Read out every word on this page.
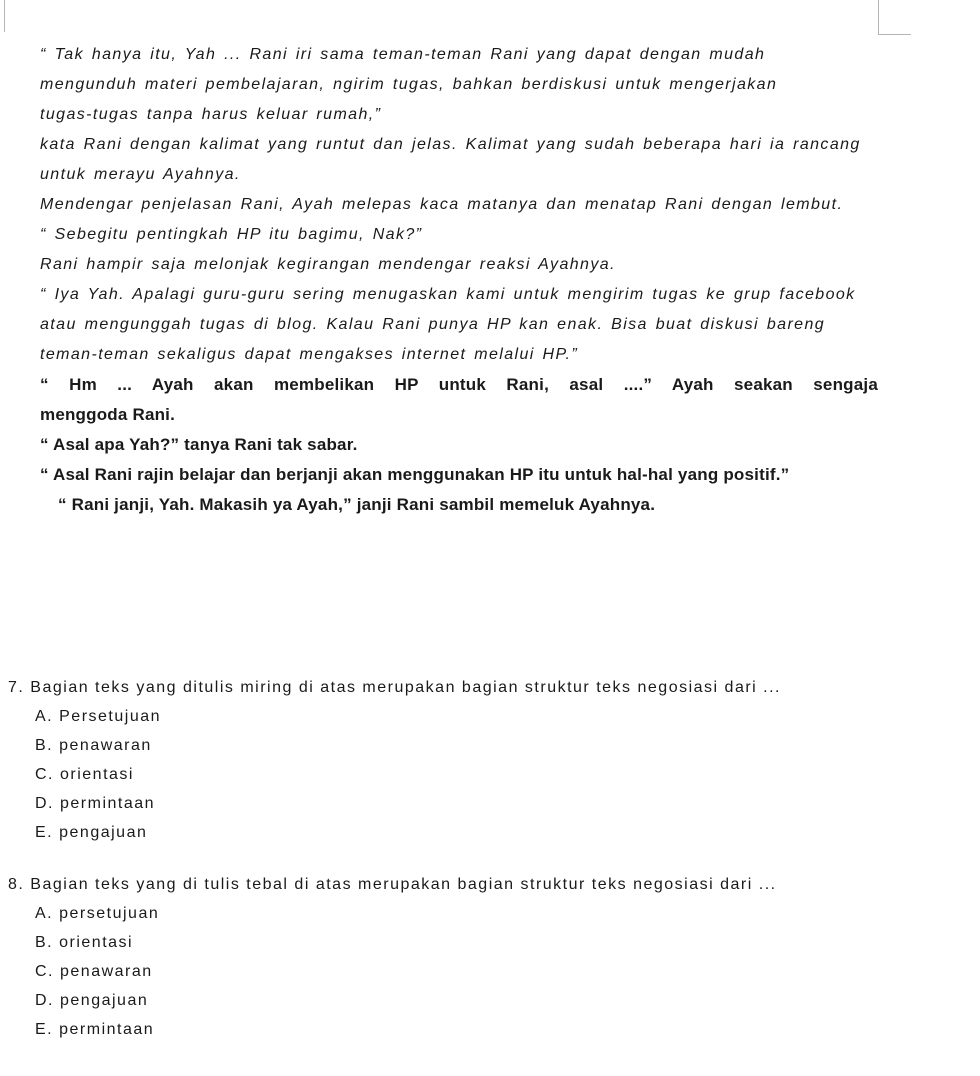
“ Tak hanya itu, Yah ... Rani iri sama teman-teman Rani yang dapat dengan mudah

mengunduh materi pembelajaran, ngirim tugas, bahkan berdiskusi untuk mengerjakan

tugas-tugas tanpa harus keluar rumah,”

kata Rani dengan kalimat yang runtut dan jelas. Kalimat yang sudah beberapa hari ia rancang

untuk merayu Ayahnya.

Mendengar penjelasan Rani, Ayah melepas kaca matanya dan menatap Rani dengan lembut.

“ Sebegitu pentingkah HP itu bagimu, Nak?”

Rani hampir saja melonjak kegirangan mendengar reaksi Ayahnya.

“ Iya Yah. Apalagi guru-guru sering menugaskan kami untuk mengirim tugas ke grup facebook

atau mengunggah tugas di blog. Kalau Rani punya HP kan enak. Bisa buat diskusi bareng

teman-teman sekaligus dapat mengakses internet melalui HP.”

“ Hm ... Ayah akan membelikan HP untuk Rani, asal ....” Ayah seakan sengaja

menggoda Rani.

“ Asal apa Yah?” tanya Rani tak sabar.

“ Asal Rani rajin belajar dan berjanji akan menggunakan HP itu untuk hal-hal yang positif.”

“ Rani janji, Yah. Makasih ya Ayah,” janji Rani sambil memeluk Ayahnya.

7. Bagian teks yang ditulis miring di atas merupakan bagian struktur teks negosiasi dari ...

A. Persetujuan

B. penawaran

C. orientasi

D. permintaan

E. pengajuan

8. Bagian teks yang di tulis tebal di atas merupakan bagian struktur teks negosiasi dari ...

A. persetujuan

B. orientasi

C. penawaran

D. pengajuan

E. permintaan
